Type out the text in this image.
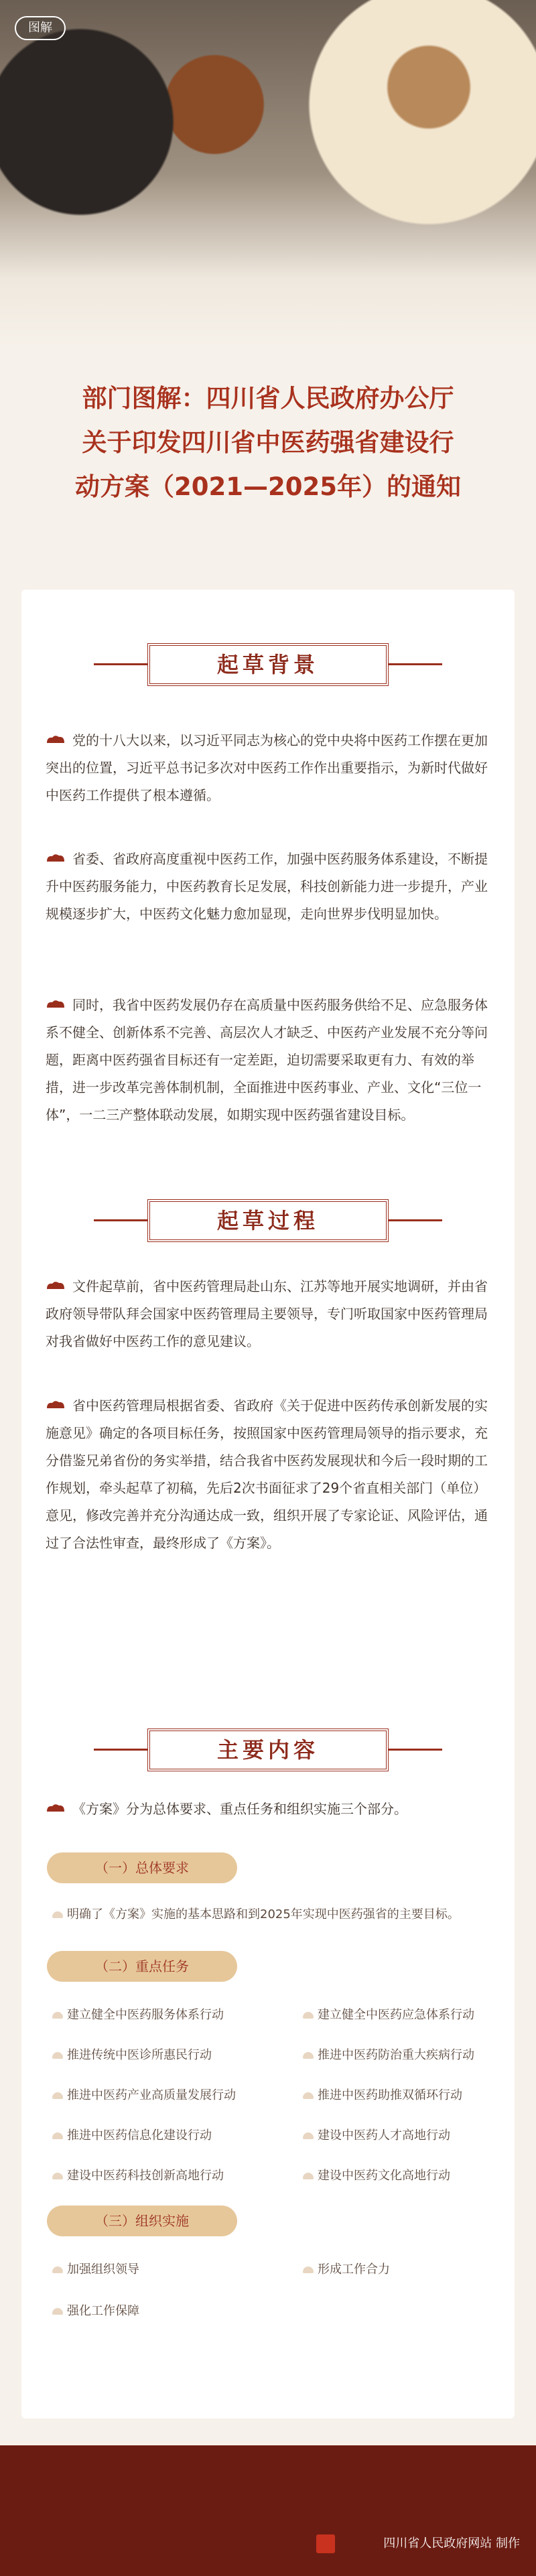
图解
部门图解：四川省人民政府办公厅
关于印发四川省中医药强省建设行
动方案（2021—2025年）的通知
起草背景
党的十八大以来，以习近平同志为核心的党中央将中医药工作摆在更加突出的位置，习近平总书记多次对中医药工作作出重要指示，为新时代做好中医药工作提供了根本遵循。
省委、省政府高度重视中医药工作，加强中医药服务体系建设，不断提升中医药服务能力，中医药教育长足发展，科技创新能力进一步提升，产业规模逐步扩大，中医药文化魅力愈加显现，走向世界步伐明显加快。
同时，我省中医药发展仍存在高质量中医药服务供给不足、应急服务体系不健全、创新体系不完善、高层次人才缺乏、中医药产业发展不充分等问题，距离中医药强省目标还有一定差距，迫切需要采取更有力、有效的举措，进一步改革完善体制机制，全面推进中医药事业、产业、文化“三位一体”，一二三产整体联动发展，如期实现中医药强省建设目标。
起草过程
文件起草前，省中医药管理局赴山东、江苏等地开展实地调研，并由省政府领导带队拜会国家中医药管理局主要领导，专门听取国家中医药管理局对我省做好中医药工作的意见建议。
省中医药管理局根据省委、省政府《关于促进中医药传承创新发展的实施意见》确定的各项目标任务，按照国家中医药管理局领导的指示要求，充分借鉴兄弟省份的务实举措，结合我省中医药发展现状和今后一段时期的工作规划，牵头起草了初稿，先后2次书面征求了29个省直相关部门（单位）意见，修改完善并充分沟通达成一致，组织开展了专家论证、风险评估，通过了合法性审查，最终形成了《方案》。
主要内容
《方案》分为总体要求、重点任务和组织实施三个部分。
（一）总体要求
明确了《方案》实施的基本思路和到2025年实现中医药强省的主要目标。
（二）重点任务
建立健全中医药服务体系行动
推进传统中医诊所惠民行动
推进中医药产业高质量发展行动
推进中医药信息化建设行动
建设中医药科技创新高地行动
建立健全中医药应急体系行动
推进中医药防治重大疾病行动
推进中医药助推双循环行动
建设中医药人才高地行动
建设中医药文化高地行动
（三）组织实施
加强组织领导	形成工作合力
强化工作保障
四川省人民政府网站 制作
